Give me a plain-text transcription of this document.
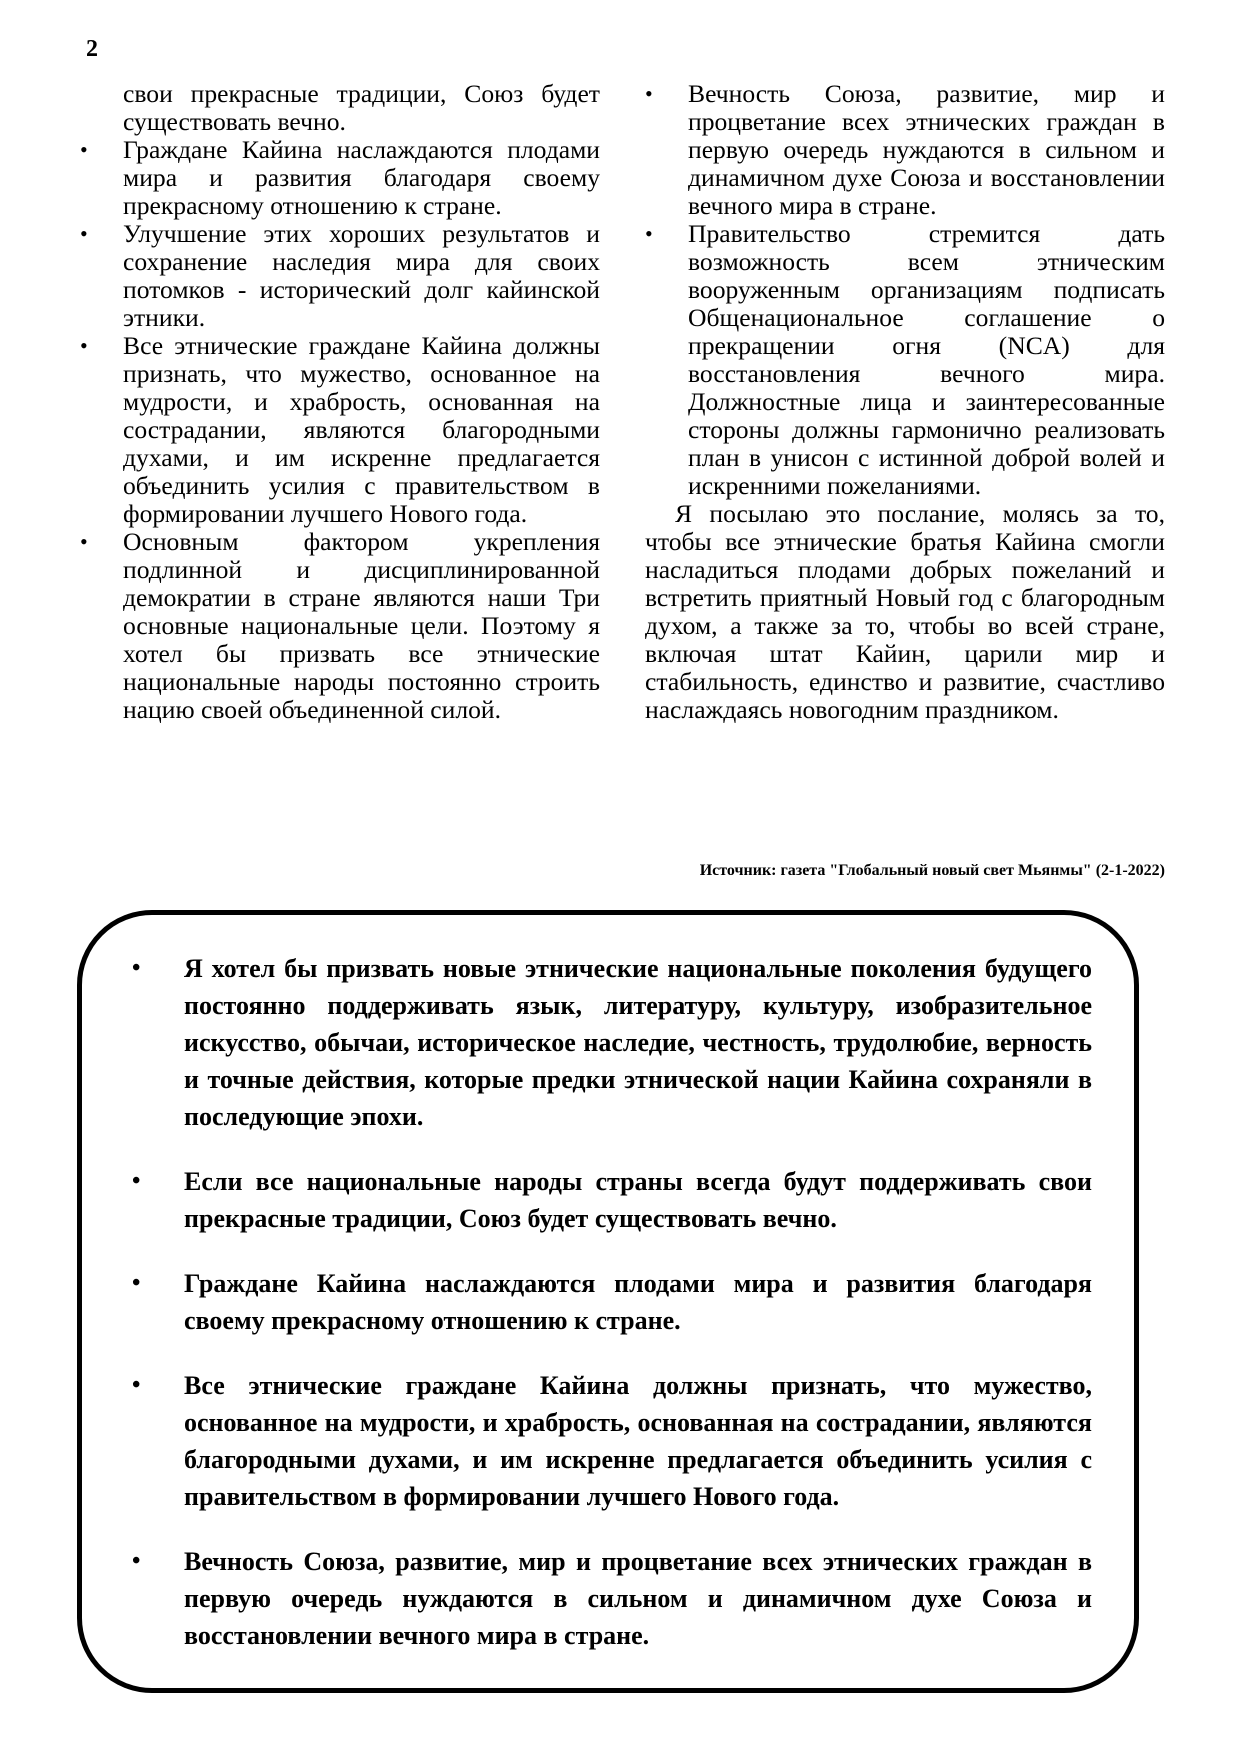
2

свои прекрасные традиции, Союз будет существовать вечно.

• Граждане Кайина наслаждаются плодами мира и развития благодаря своему прекрасному отношению к стране.

• Улучшение этих хороших результатов и сохранение наследия мира для своих потомков - исторический долг кайинской этники.

• Все этнические граждане Кайина должны признать, что мужество, основанное на мудрости, и храбрость, основанная на сострадании, являются благородными духами, и им искренне предлагается объединить усилия с правительством в формировании лучшего Нового года.

• Основным фактором укрепления подлинной и дисциплинированной демократии в стране являются наши Три основные национальные цели. Поэтому я хотел бы призвать все этнические национальные народы постоянно строить нацию своей объединенной силой.

• Вечность Союза, развитие, мир и процветание всех этнических граждан в первую очередь нуждаются в сильном и динамичном духе Союза и восстановлении вечного мира в стране.

• Правительство стремится дать возможность всем этническим вооруженным организациям подписать Общенациональное соглашение о прекращении огня (NCA) для восстановления вечного мира. Должностные лица и заинтересованные стороны должны гармонично реализовать план в унисон с истинной доброй волей и искренними пожеланиями.

Я посылаю это послание, молясь за то, чтобы все этнические братья Кайина смогли насладиться плодами добрых пожеланий и встретить приятный Новый год с благородным духом, а также за то, чтобы во всей стране, включая штат Кайин, царили мир и стабильность, единство и развитие, счастливо наслаждаясь новогодним праздником.

Источник: газета "Глобальный новый свет Мьянмы" (2-1-2022)

• Я хотел бы призвать новые этнические национальные поколения будущего постоянно поддерживать язык, литературу, культуру, изобразительное искусство, обычаи, историческое наследие, честность, трудолюбие, верность и точные действия, которые предки этнической нации Кайина сохраняли в последующие эпохи.

• Если все национальные народы страны всегда будут поддерживать свои прекрасные традиции, Союз будет существовать вечно.

• Граждане Кайина наслаждаются плодами мира и развития благодаря своему прекрасному отношению к стране.

• Все этнические граждане Кайина должны признать, что мужество, основанное на мудрости, и храбрость, основанная на сострадании, являются благородными духами, и им искренне предлагается объединить усилия с правительством в формировании лучшего Нового года.

• Вечность Союза, развитие, мир и процветание всех этнических граждан в первую очередь нуждаются в сильном и динамичном духе Союза и восстановлении вечного мира в стране.
